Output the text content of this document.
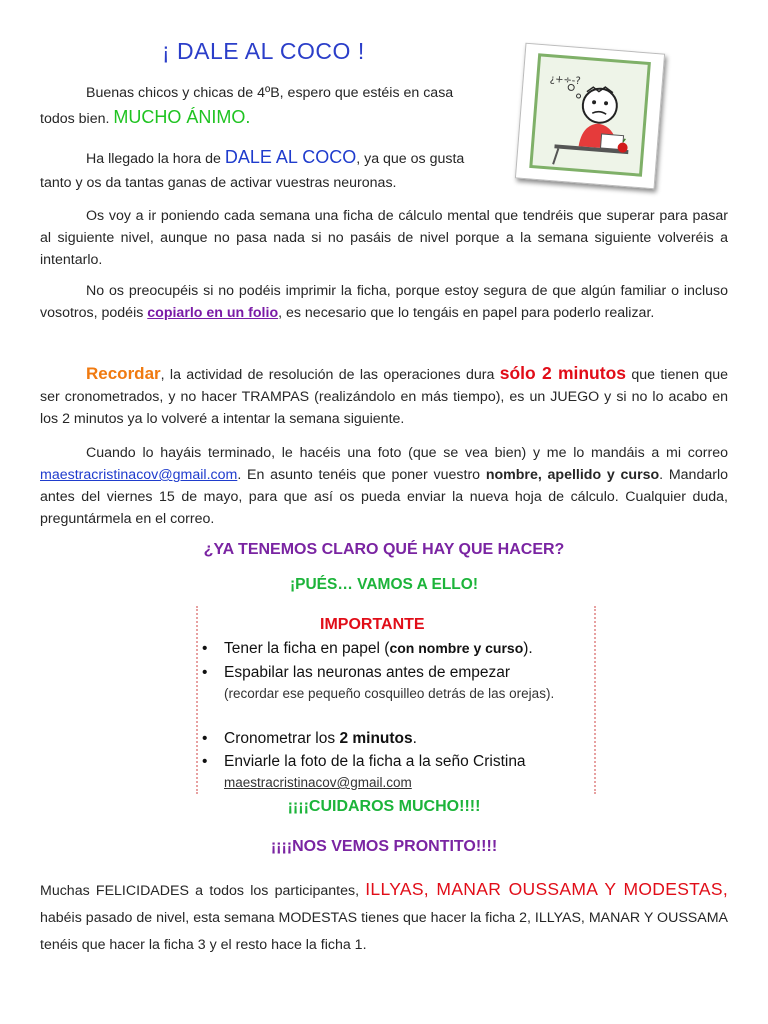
¡ DALE AL COCO !
¿+÷-?
Buenas chicos y chicas de 4ºB, espero que estéis en casa
todos bien. MUCHO ÁNIMO.
Ha llegado la hora de DALE AL COCO, ya que os gusta
tanto y os da tantas ganas de activar vuestras neuronas.
Os voy a ir poniendo cada semana una ficha de cálculo mental que tendréis que superar para pasar al siguiente nivel, aunque no pasa nada si no pasáis de nivel porque a la semana siguiente volveréis a intentarlo.
No os preocupéis si no podéis imprimir la ficha, porque estoy segura de que algún familiar o incluso vosotros, podéis copiarlo en un folio, es necesario que lo tengáis en papel para poderlo realizar.
Recordar, la actividad de resolución de las operaciones dura sólo 2 minutos que tienen que ser cronometrados, y no hacer TRAMPAS (realizándolo en más tiempo), es un JUEGO y si no lo acabo en los 2 minutos ya lo volveré a intentar la semana siguiente.
Cuando lo hayáis terminado, le hacéis una foto (que se vea bien) y me lo mandáis a mi correo maestracristinacov@gmail.com. En asunto tenéis que poner vuestro nombre, apellido y curso. Mandarlo antes del viernes 15 de mayo, para que así os pueda enviar la nueva hoja de cálculo. Cualquier duda, preguntármela en el correo.
¿YA TENEMOS CLARO QUÉ HAY QUE HACER?
¡PUÉS… VAMOS A ELLO!
IMPORTANTE
• Tener la ficha en papel (con nombre y curso).
• Espabilar las neuronas antes de empezar
(recordar ese pequeño cosquilleo detrás de las orejas).
• Cronometrar los 2 minutos.
• Enviarle la foto de la ficha a la seño Cristina
maestracristinacov@gmail.com
¡¡¡¡CUIDAROS MUCHO!!!!
¡¡¡¡NOS VEMOS PRONTITO!!!!
Muchas FELICIDADES a todos los participantes, ILLYAS, MANAR OUSSAMA Y MODESTAS, habéis pasado de nivel, esta semana MODESTAS tienes que hacer la ficha 2, ILLYAS, MANAR Y OUSSAMA tenéis que hacer la ficha 3 y el resto hace la ficha 1.
